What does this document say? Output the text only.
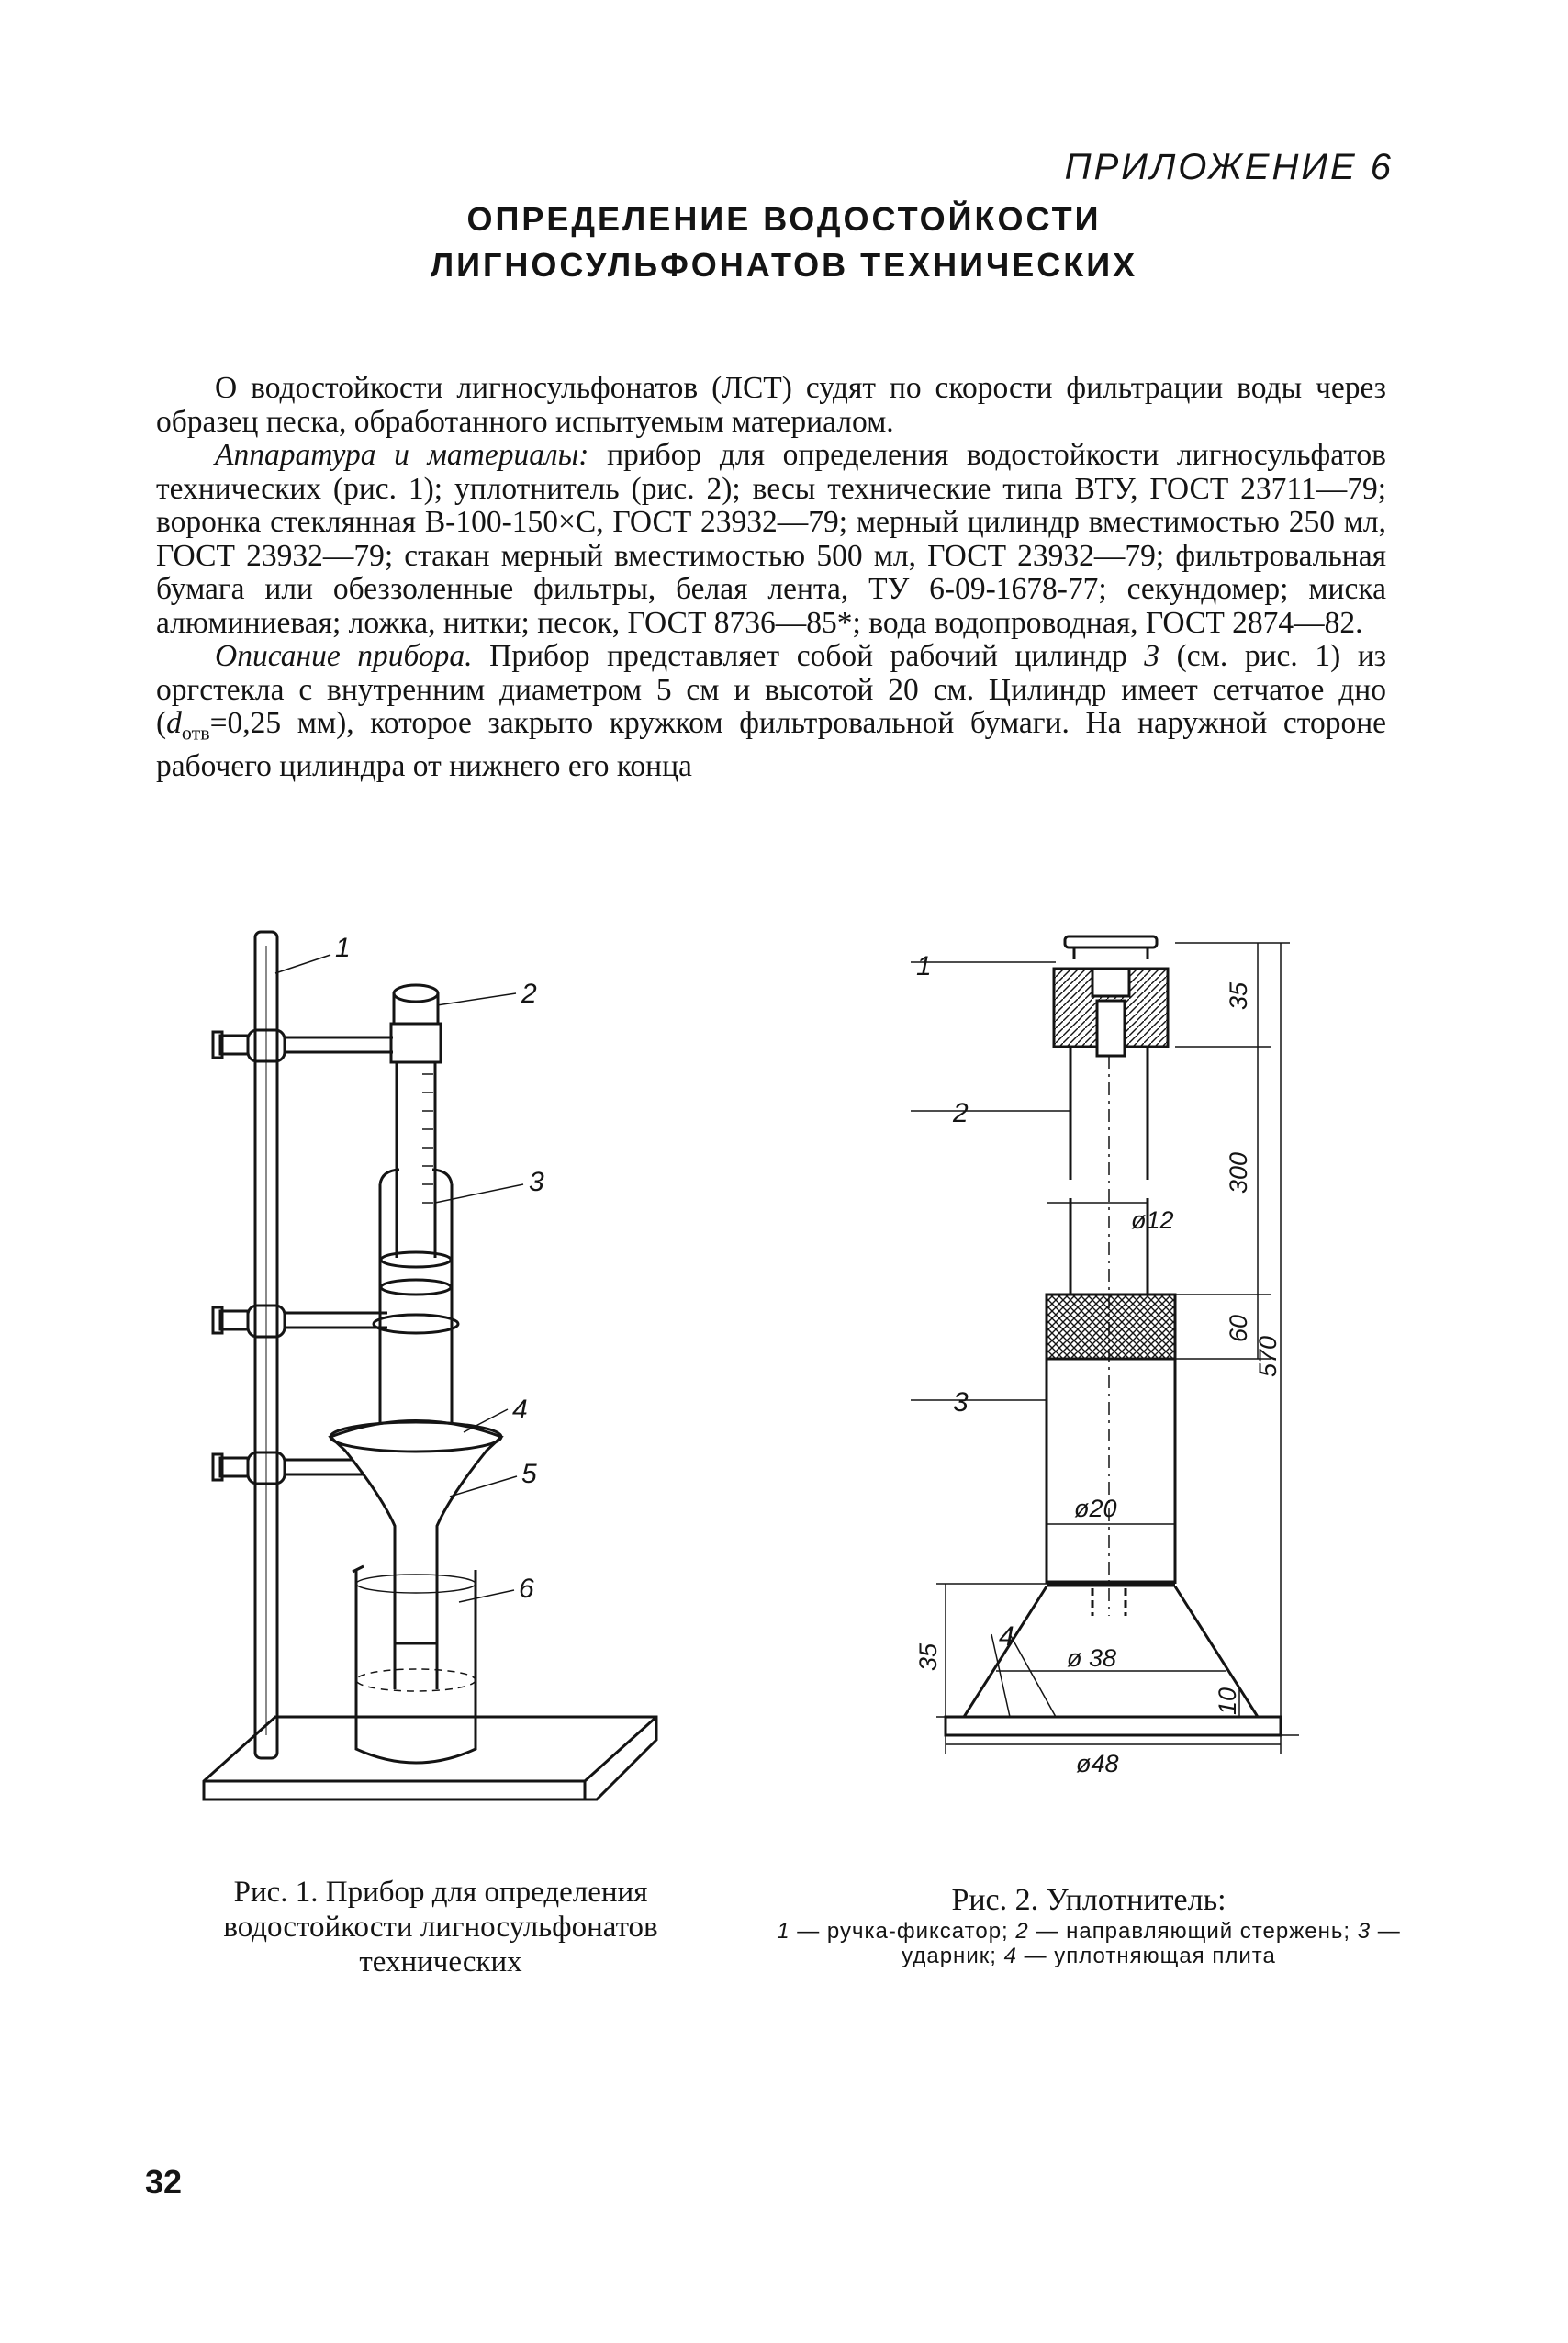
ПРИЛОЖЕНИЕ 6
ОПРЕДЕЛЕНИЕ ВОДОСТОЙКОСТИ
ЛИГНОСУЛЬФОНАТОВ ТЕХНИЧЕСКИХ

О водостойкости лигносульфонатов (ЛСТ) судят по скорости фильтрации воды через образец песка, обработанного испытуемым материалом.

Аппаратура и материалы: прибор для определения водостойкости лигносульфатов технических (рис. 1); уплотнитель (рис. 2); весы технические типа ВТУ, ГОСТ 23711—79; воронка стеклянная В-100-150×С, ГОСТ 23932—79; мерный цилиндр вместимостью 250 мл, ГОСТ 23932—79; стакан мерный вместимостью 500 мл, ГОСТ 23932—79; фильтровальная бумага или обеззоленные фильтры, белая лента, ТУ 6-09-1678-77; секундомер; миска алюминиевая; ложка, нитки; песок, ГОСТ 8736—85*; вода водопроводная, ГОСТ 2874—82.

Описание прибора. Прибор представляет собой рабочий цилиндр 3 (см. рис. 1) из оргстекла с внутренним диаметром 5 см и высотой 20 см. Цилиндр имеет сетчатое дно ($d_{отв}=0,25$ мм), которое закрыто кружком фильтровальной бумаги. На наружной стороне рабочего цилиндра от нижнего его конца

1
2
3
4
5
6
1
2
3
4
35
300
ø12
60
570
ø20
35	ø 38
10
ø48
Рис. 1. Прибор для определения водостойкости лигносульфонатов технических
Рис. 2. Уплотнитель:
1 — ручка-фиксатор; 2 — направляющий стержень; 3 — ударник; 4 — уплотняющая плита
32
